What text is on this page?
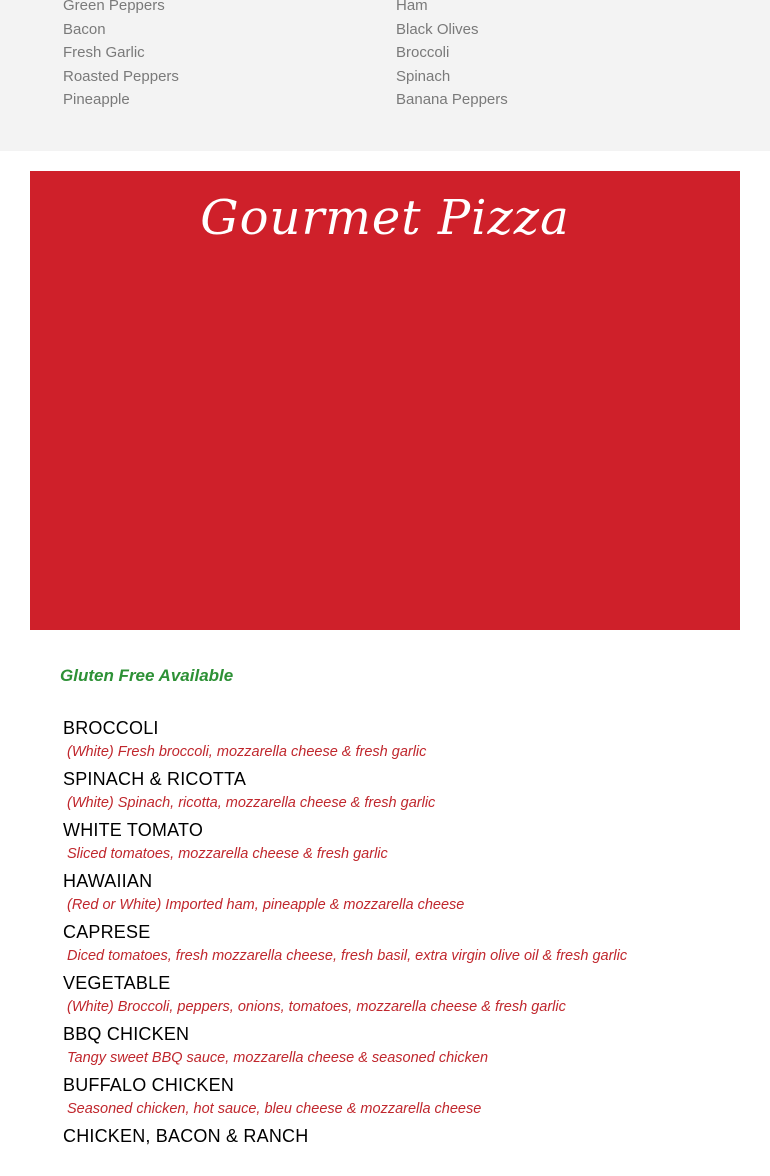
Green Peppers
Bacon
Fresh Garlic
Roasted Peppers
Pineapple
Ham
Black Olives
Broccoli
Spinach
Banana Peppers
Gourmet Pizza
Gluten Free Available
BROCCOLI
(White) Fresh broccoli, mozzarella cheese & fresh garlic
SPINACH & RICOTTA
(White) Spinach, ricotta, mozzarella cheese & fresh garlic
WHITE TOMATO
Sliced tomatoes, mozzarella cheese & fresh garlic
HAWAIIAN
(Red or White) Imported ham, pineapple & mozzarella cheese
CAPRESE
Diced tomatoes, fresh mozzarella cheese, fresh basil, extra virgin olive oil & fresh garlic
VEGETABLE
(White) Broccoli, peppers, onions, tomatoes, mozzarella cheese & fresh garlic
BBQ CHICKEN
Tangy sweet BBQ sauce, mozzarella cheese & seasoned chicken
BUFFALO CHICKEN
Seasoned chicken, hot sauce, bleu cheese & mozzarella cheese
CHICKEN, BACON & RANCH
